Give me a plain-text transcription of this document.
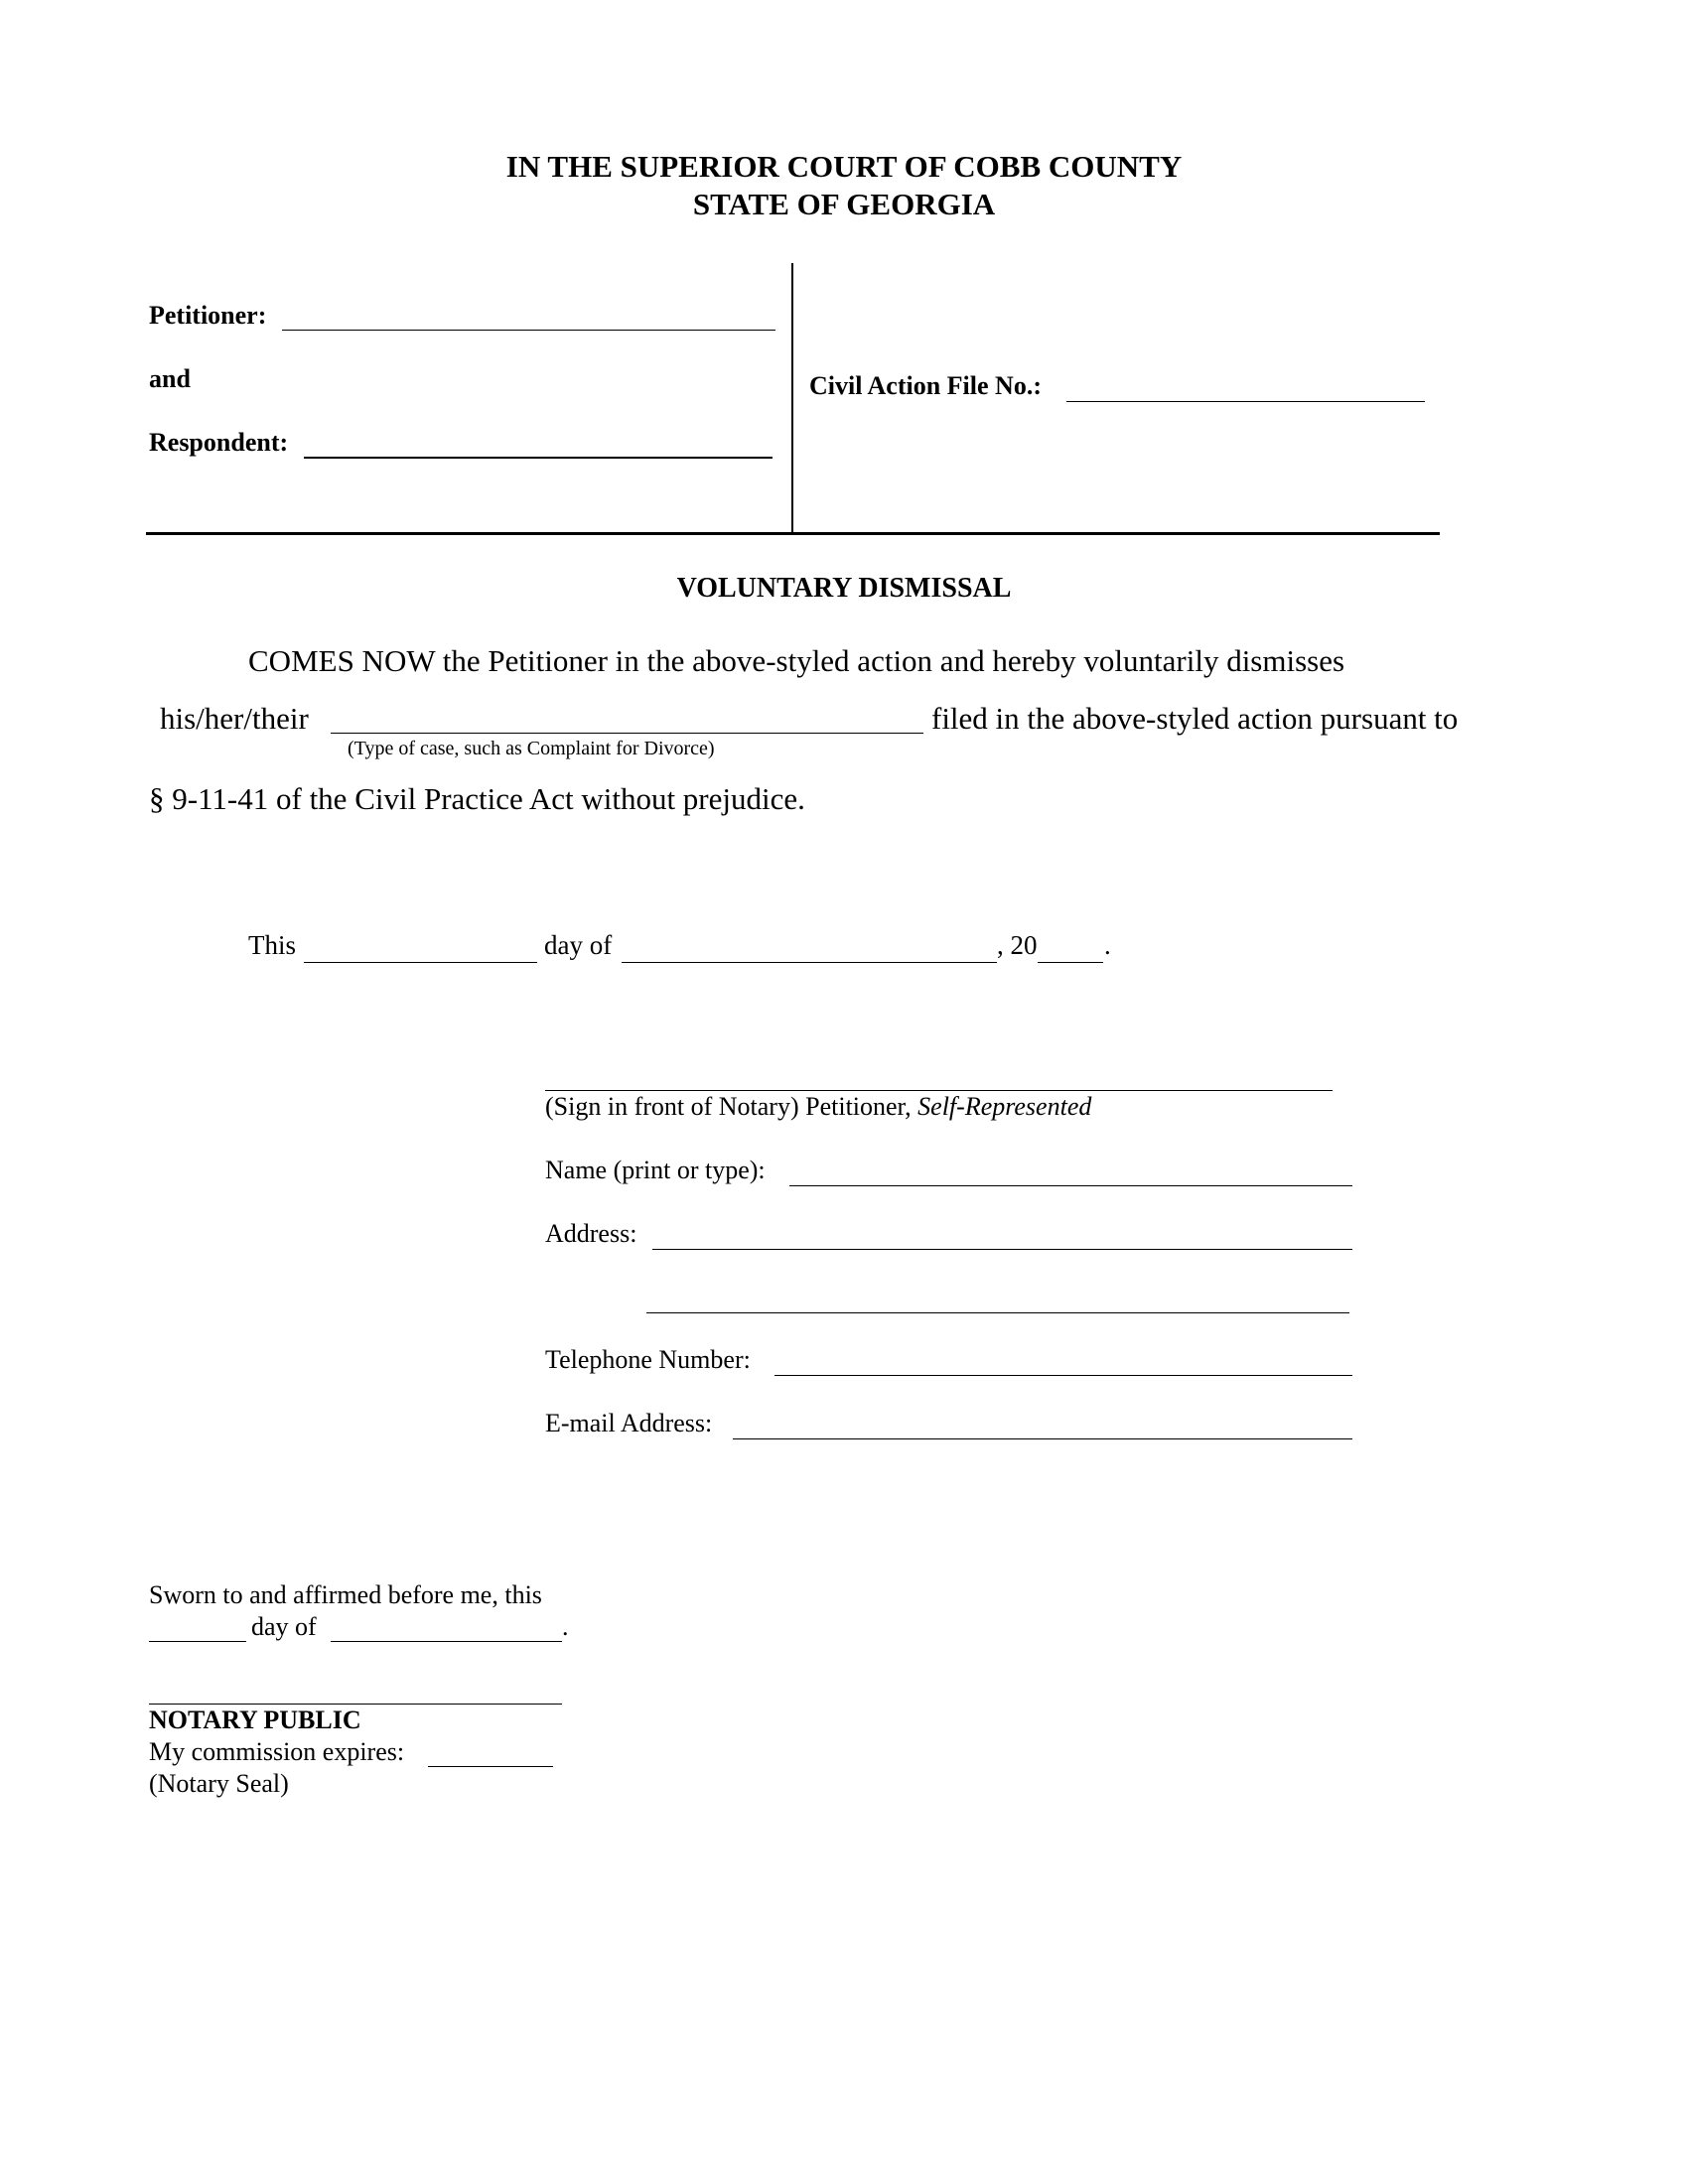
IN THE SUPERIOR COURT OF COBB COUNTY
STATE OF GEORGIA
Petitioner:
and
Respondent:
Civil Action File No.:
VOLUNTARY DISMISSAL
COMES NOW the Petitioner in the above-styled action and hereby voluntarily dismisses
his/her/their	filed in the above-styled action pursuant to
(Type of case, such as Complaint for Divorce)
§ 9-11-41 of the Civil Practice Act without prejudice.
This	day of	, 20	.
(Sign in front of Notary) Petitioner, Self-Represented
Name (print or type):
Address:
Telephone Number:
E-mail Address:
Sworn to and affirmed before me, this
day of	.
NOTARY PUBLIC
My commission expires:
(Notary Seal)
